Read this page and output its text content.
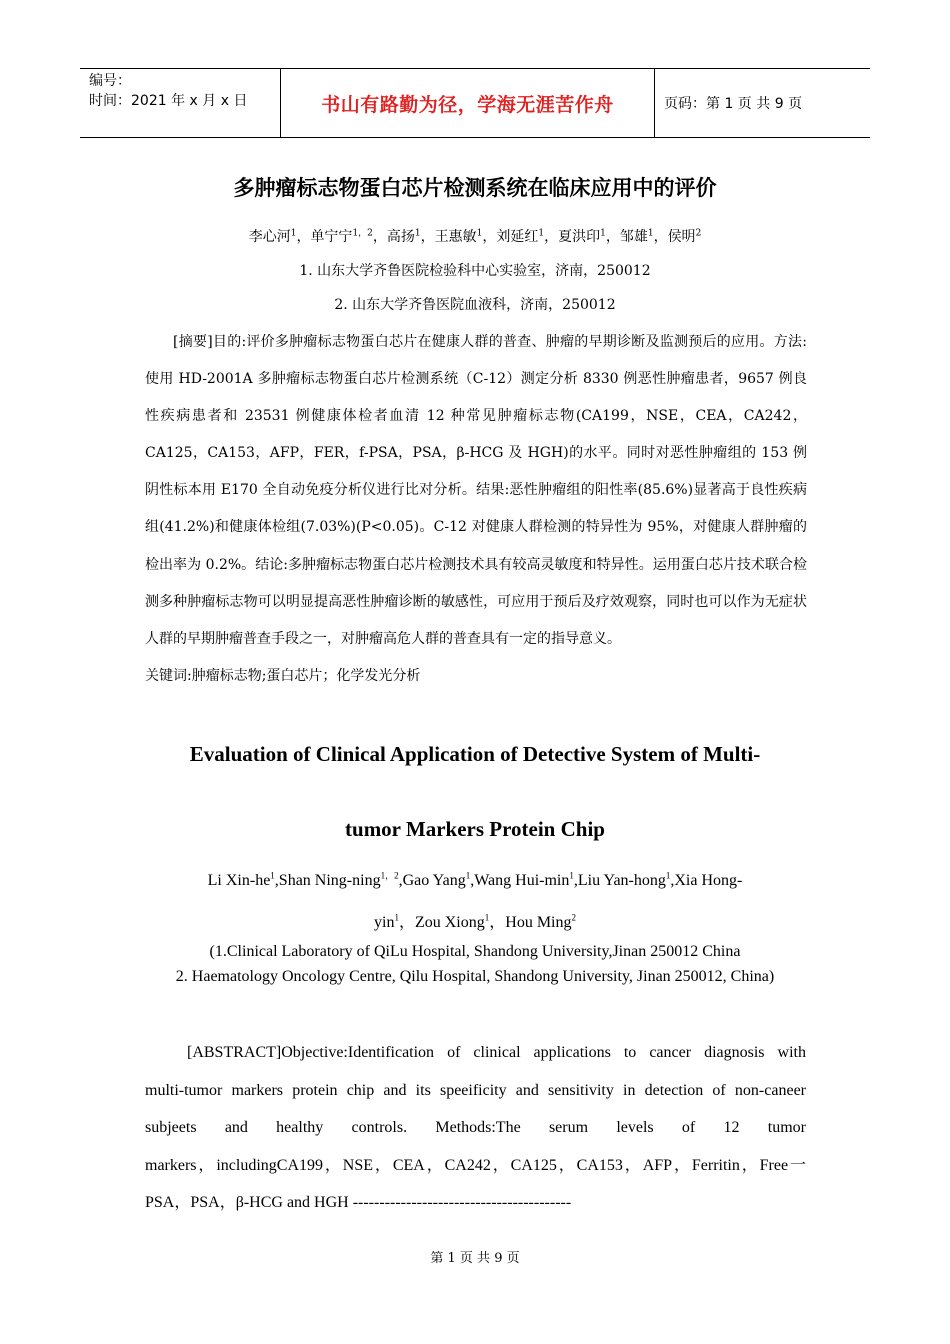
编号：
时间：2021 年 x 月 x 日	书山有路勤为径，学海无涯苦作舟	页码：第 1 页 共 9 页
多肿瘤标志物蛋白芯片检测系统在临床应用中的评价
李心河$^1$，单宁宁$^{1,2}$，高扬$^1$，王惠敏$^1$，刘延红$^1$，夏洪印$^1$，邹雄$^1$，侯明$^2$
1. 山东大学齐鲁医院检验科中心实验室，济南，250012
2. 山东大学齐鲁医院血液科，济南，250012

[摘要]目的:评价多肿瘤标志物蛋白芯片在健康人群的普查、肿瘤的早期诊断及监测预后的应用。方法:使用 HD-2001A 多肿瘤标志物蛋白芯片检测系统（C-12）测定分析 8330 例恶性肿瘤患者，9657 例良性疾病患者和 23531 例健康体检者血清 12 种常见肿瘤标志物(CA199，NSE，CEA，CA242，CA125，CA153，AFP，FER，f-PSA，PSA，β-HCG 及 HGH)的水平。同时对恶性肿瘤组的 153 例阴性标本用 E170 全自动免疫分析仪进行比对分析。结果:恶性肿瘤组的阳性率(85.6%)显著高于良性疾病组(41.2%)和健康体检组(7.03%)(P<0.05)。C-12 对健康人群检测的特异性为 95%，对健康人群肿瘤的检出率为 0.2%。结论:多肿瘤标志物蛋白芯片检测技术具有较高灵敏度和特异性。运用蛋白芯片技术联合检测多种肿瘤标志物可以明显提高恶性肿瘤诊断的敏感性，可应用于预后及疗效观察，同时也可以作为无症状人群的早期肿瘤普查手段之一，对肿瘤高危人群的普查具有一定的指导意义。

关键词:肿瘤标志物;蛋白芯片；化学发光分析

Evaluation of Clinical Application of Detective System of Multi-
tumor Markers Protein Chip
Li Xin-$he^1,Shan$ Ning-ning$^{1,2}$,Gao Yang$^1$,Wang Hui-$\min^1,Liu$ Yan-hong$^1$,Xia Hong-
yin$^1$，Zou Xiong$^1$，Hou Ming$^2$
(1.Clinical Laboratory of QiLu Hospital, Shandong University,Jinan 250012 China
2. Haematology Oncology Centre, Qilu Hospital, Shandong University, Jinan 250012, China)
[ABSTRACT]Objective:Identification of clinical applications to cancer diagnosis with
multi-tumor markers protein chip and its speeificity and sensitivity in detection of non-caneer
subjeets and healthy controls. Methods:The serum levels of 12 tumor
markers，includingCA199，NSE，CEA，CA242，CA125，CA153，AFP，Ferritin，Free一
PSA，PSA，β-HCG and HGH -----------------------------------------
第 1 页 共 9 页
